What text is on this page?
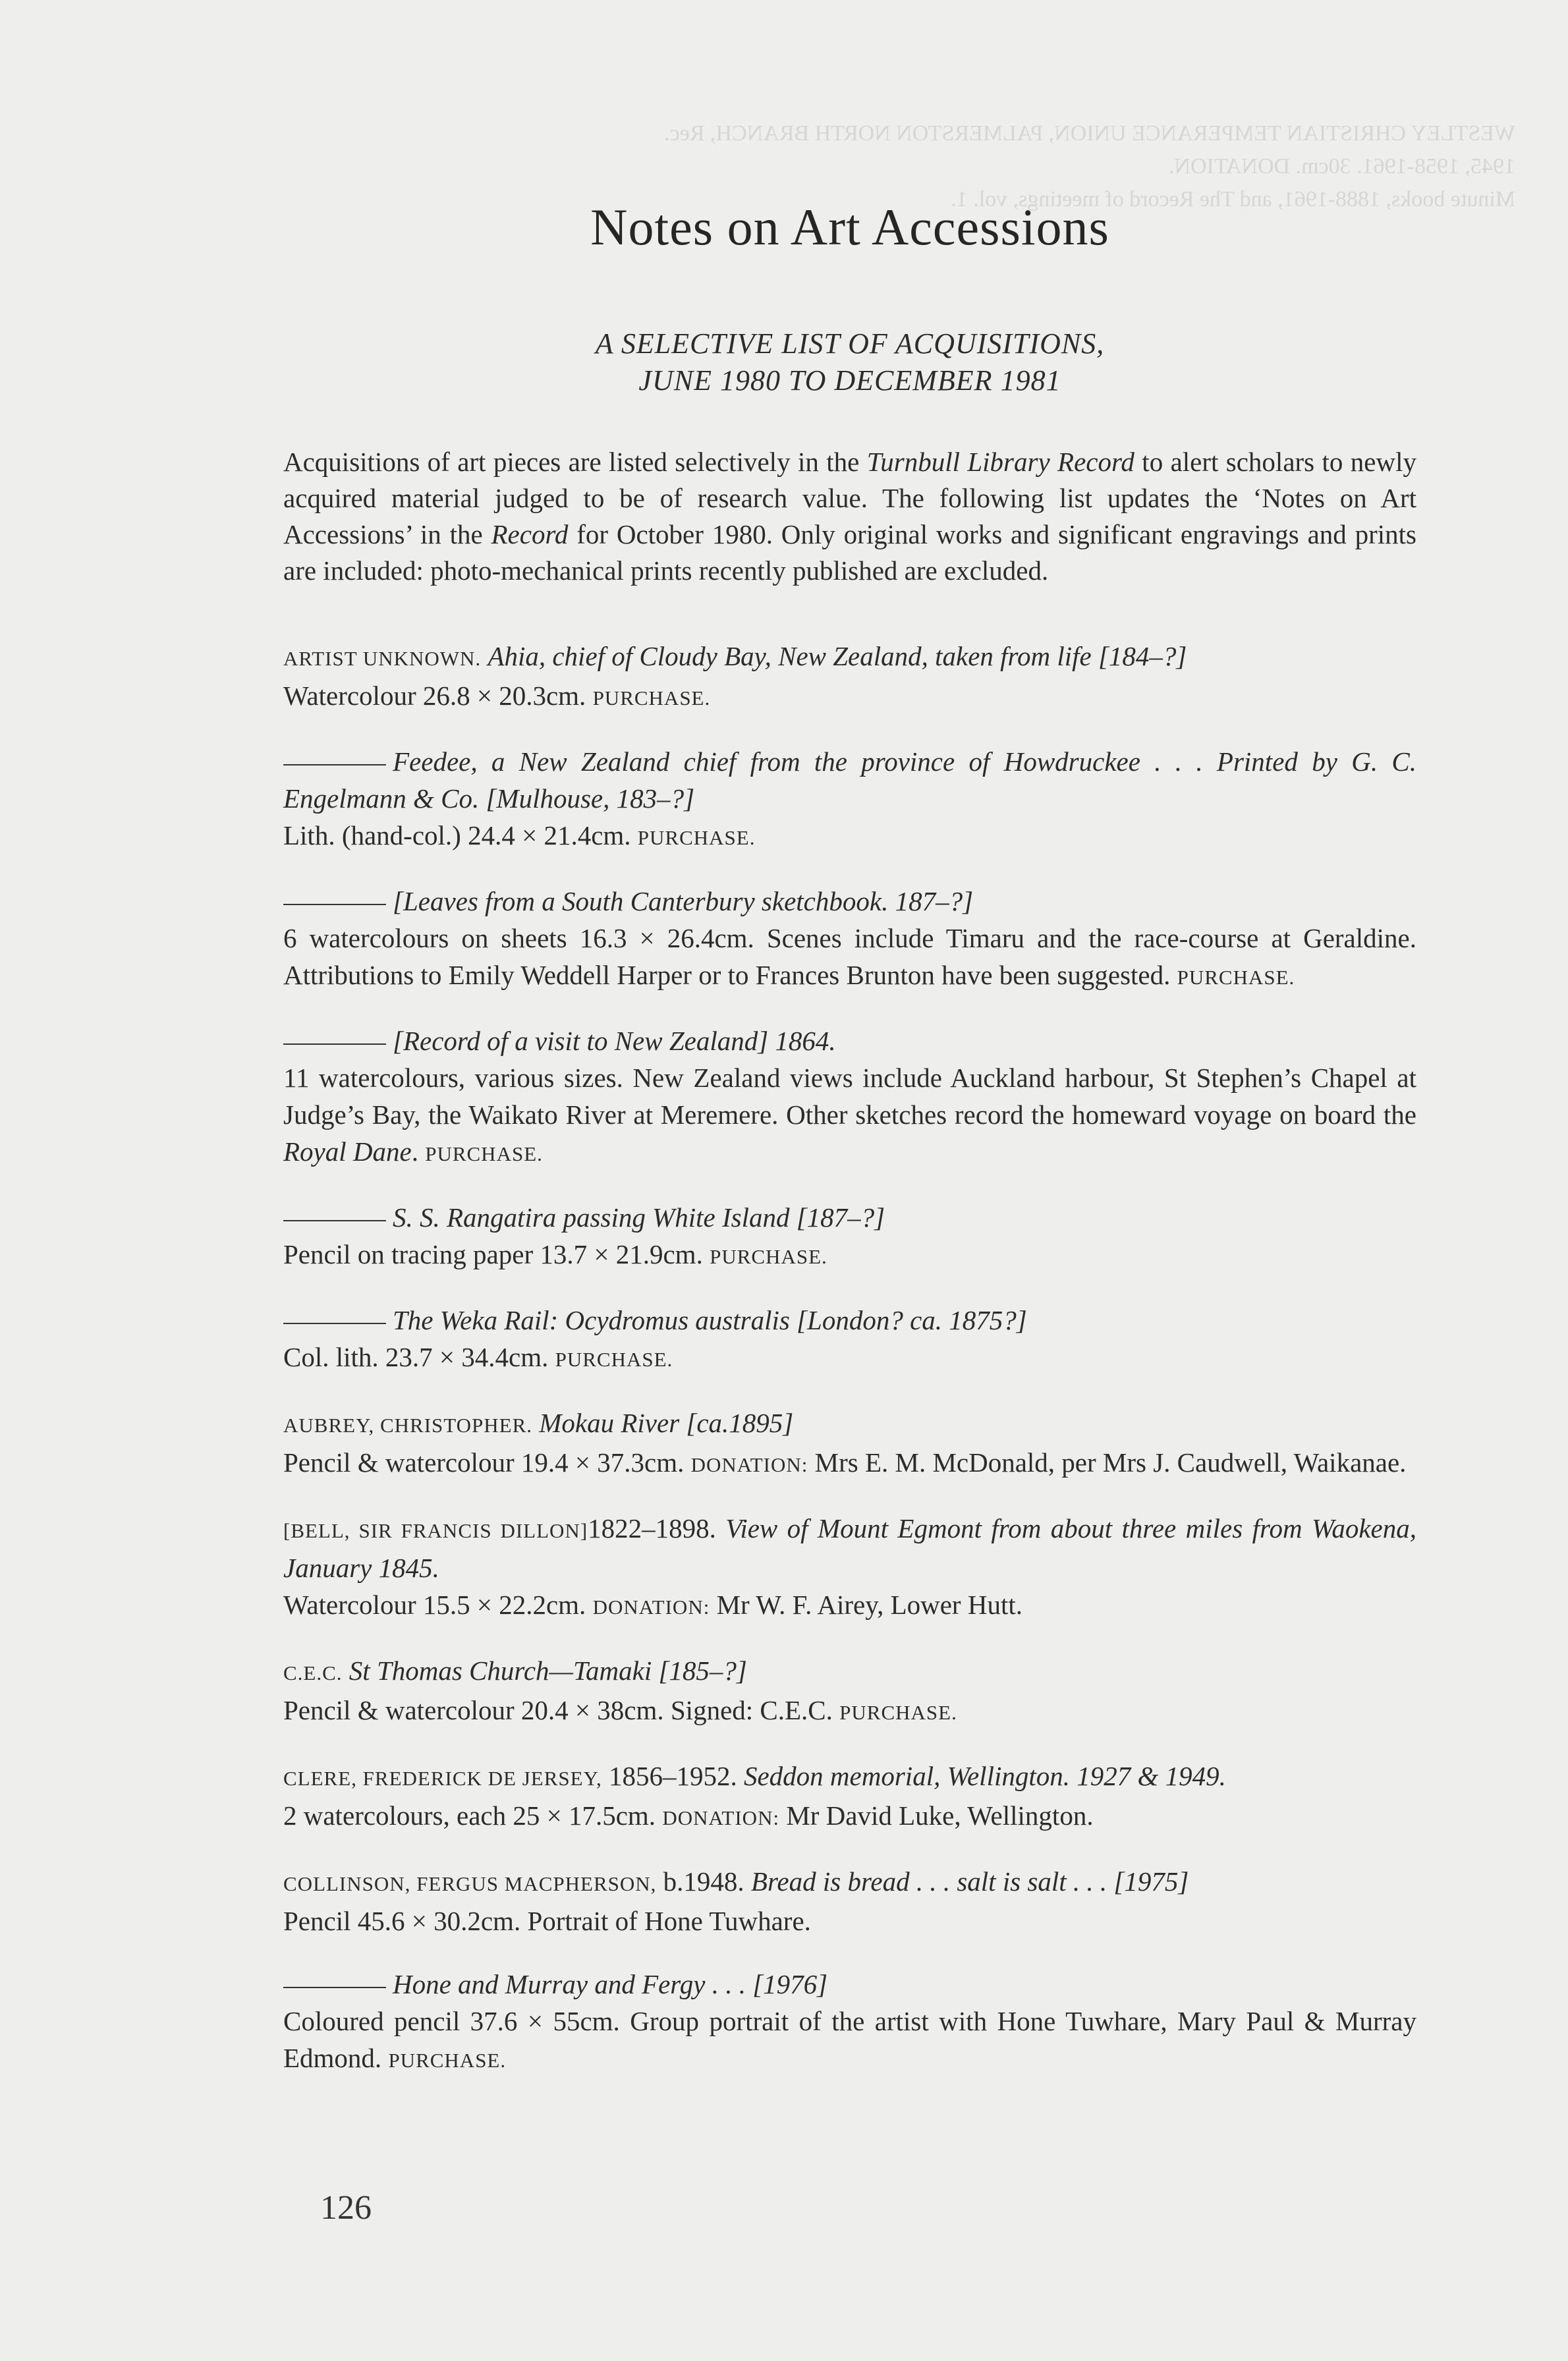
WESTLEY CHRISTIAN TEMPERANCE UNION, PALMERSTON NORTH BRANCH, Rec.
1945, 1958-1961. 30cm. DONATION.
Minute books, 1888-1961, and The Record of meetings, vol. 1.
Notes on Art Accessions
A SELECTIVE LIST OF ACQUISITIONS,
JUNE 1980 TO DECEMBER 1981

Acquisitions of art pieces are listed selectively in the Turnbull Library Record to alert scholars to newly acquired material judged to be of research value. The following list updates the ‘Notes on Art Accessions’ in the Record for October 1980. Only original works and significant engravings and prints are included: photo-mechanical prints recently published are excluded.

ARTIST UNKNOWN. Ahia, chief of Cloudy Bay, New Zealand, taken from life [184–?]
Watercolour 26.8 × 20.3cm. PURCHASE.
Feedee, a New Zealand chief from the province of Howdruckee . . . Printed by G. C. Engelmann & Co. [Mulhouse, 183–?]
Lith. (hand-col.) 24.4 × 21.4cm. PURCHASE.
[Leaves from a South Canterbury sketchbook. 187–?]
6 watercolours on sheets 16.3 × 26.4cm. Scenes include Timaru and the race-course at Geraldine. Attributions to Emily Weddell Harper or to Frances Brunton have been suggested. PURCHASE.
[Record of a visit to New Zealand] 1864.
11 watercolours, various sizes. New Zealand views include Auckland harbour, St Stephen’s Chapel at Judge’s Bay, the Waikato River at Meremere. Other sketches record the homeward voyage on board the Royal Dane. PURCHASE.
S. S. Rangatira passing White Island [187–?]
Pencil on tracing paper 13.7 × 21.9cm. PURCHASE.
The Weka Rail: Ocydromus australis [London? ca. 1875?]
Col. lith. 23.7 × 34.4cm. PURCHASE.
AUBREY, CHRISTOPHER. Mokau River [ca.1895]
Pencil & watercolour 19.4 × 37.3cm. DONATION: Mrs E. M. McDonald, per Mrs J. Caudwell, Waikanae.
[BELL, SIR FRANCIS DILLON]1822–1898. View of Mount Egmont from about three miles from Waokena, January 1845.
Watercolour 15.5 × 22.2cm. DONATION: Mr W. F. Airey, Lower Hutt.
C.E.C. St Thomas Church—Tamaki [185–?]
Pencil & watercolour 20.4 × 38cm. Signed: C.E.C. PURCHASE.
CLERE, FREDERICK DE JERSEY, 1856–1952. Seddon memorial, Wellington. 1927 & 1949.
2 watercolours, each 25 × 17.5cm. DONATION: Mr David Luke, Wellington.
COLLINSON, FERGUS MACPHERSON, b.1948. Bread is bread . . . salt is salt . . . [1975]
Pencil 45.6 × 30.2cm. Portrait of Hone Tuwhare.
Hone and Murray and Fergy . . . [1976]
Coloured pencil 37.6 × 55cm. Group portrait of the artist with Hone Tuwhare, Mary Paul & Murray Edmond. PURCHASE.
126
